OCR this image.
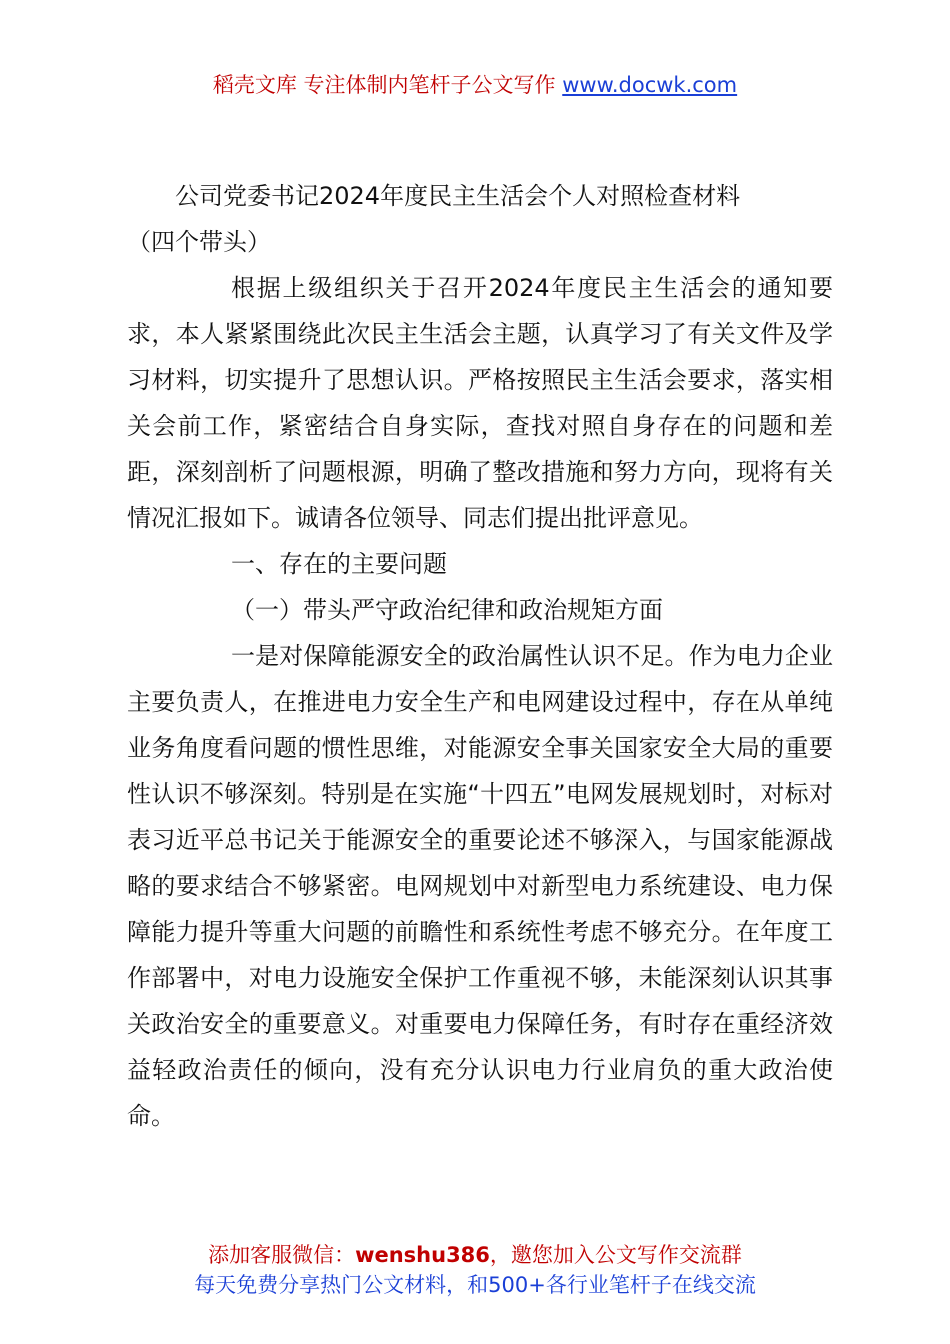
稻壳文库 专注体制内笔杆子公文写作 www.docwk.com

公司党委书记2024年度民主生活会个人对照检查材料

（四个带头）

根据上级组织关于召开2024年度民主生活会的通知要求，本人紧紧围绕此次民主生活会主题，认真学习了有关文件及学习材料，切实提升了思想认识。严格按照民主生活会要求，落实相关会前工作，紧密结合自身实际，查找对照自身存在的问题和差距，深刻剖析了问题根源，明确了整改措施和努力方向，现将有关情况汇报如下。诚请各位领导、同志们提出批评意见。

一、存在的主要问题

（一）带头严守政治纪律和政治规矩方面

一是对保障能源安全的政治属性认识不足。作为电力企业主要负责人，在推进电力安全生产和电网建设过程中，存在从单纯业务角度看问题的惯性思维，对能源安全事关国家安全大局的重要性认识不够深刻。特别是在实施“十四五”电网发展规划时，对标对表习近平总书记关于能源安全的重要论述不够深入，与国家能源战略的要求结合不够紧密。电网规划中对新型电力系统建设、电力保障能力提升等重大问题的前瞻性和系统性考虑不够充分。在年度工作部署中，对电力设施安全保护工作重视不够，未能深刻认识其事关政治安全的重要意义。对重要电力保障任务，有时存在重经济效益轻政治责任的倾向，没有充分认识电力行业肩负的重大政治使命。

添加客服微信：wenshu386，邀您加入公文写作交流群
每天免费分享热门公文材料，和500+各行业笔杆子在线交流
